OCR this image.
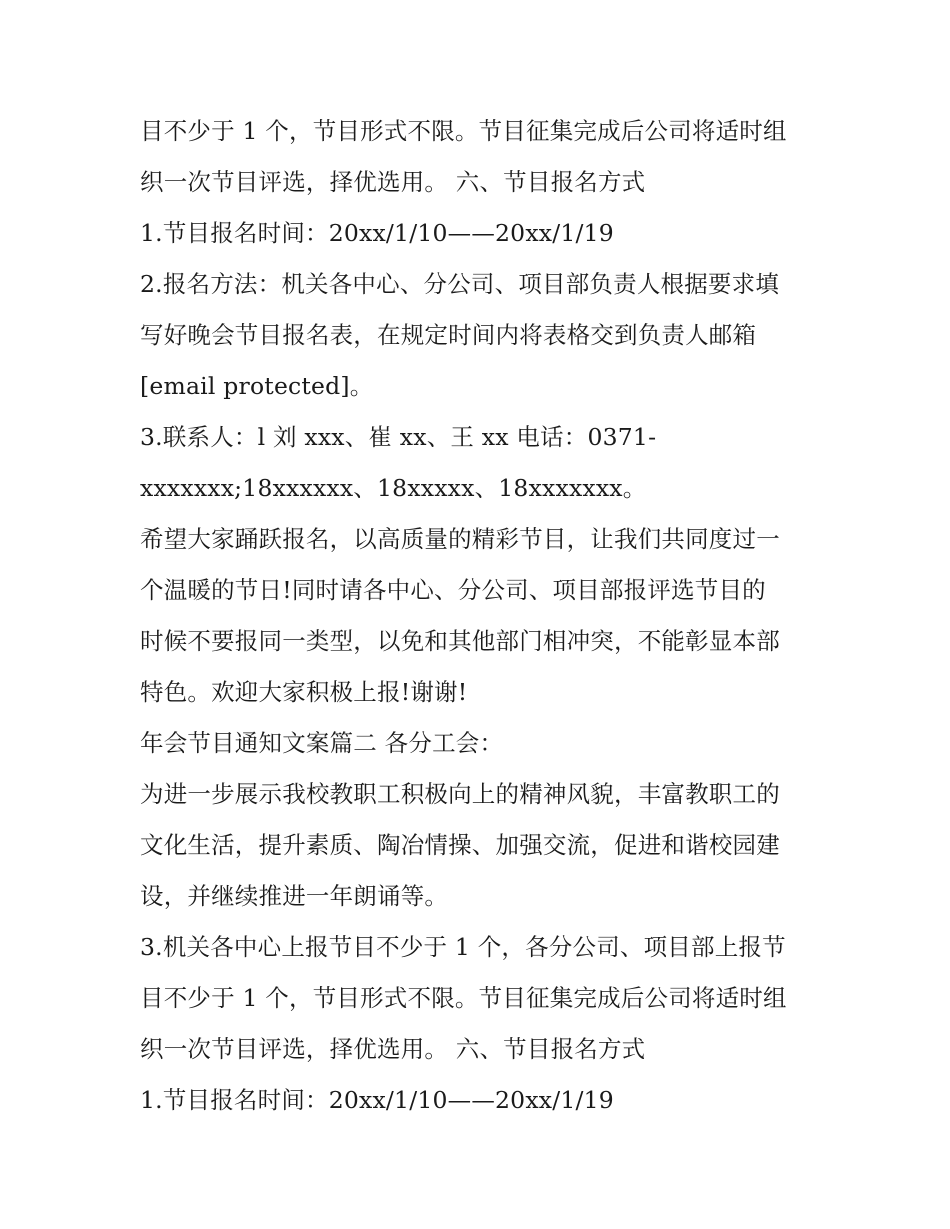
目不少于 1 个，节目形式不限。节目征集完成后公司将适时组
织一次节目评选，择优选用。 六、节目报名方式
1.节目报名时间：20xx/1/10——20xx/1/19
2.报名方法：机关各中心、分公司、项目部负责人根据要求填
写好晚会节目报名表，在规定时间内将表格交到负责人邮箱
[email protected]。
3.联系人：l 刘 xxx、崔 xx、王 xx 电话：0371-
xxxxxxx;18xxxxxx、18xxxxx、18xxxxxxx。
希望大家踊跃报名，以高质量的精彩节目，让我们共同度过一
个温暖的节日!同时请各中心、分公司、项目部报评选节目的
时候不要报同一类型，以免和其他部门相冲突，不能彰显本部
特色。欢迎大家积极上报!谢谢!
年会节目通知文案篇二 各分工会：
为进一步展示我校教职工积极向上的精神风貌，丰富教职工的
文化生活，提升素质、陶冶情操、加强交流，促进和谐校园建
设，并继续推进一年朗诵等。
3.机关各中心上报节目不少于 1 个，各分公司、项目部上报节
目不少于 1 个，节目形式不限。节目征集完成后公司将适时组
织一次节目评选，择优选用。 六、节目报名方式
1.节目报名时间：20xx/1/10——20xx/1/19
